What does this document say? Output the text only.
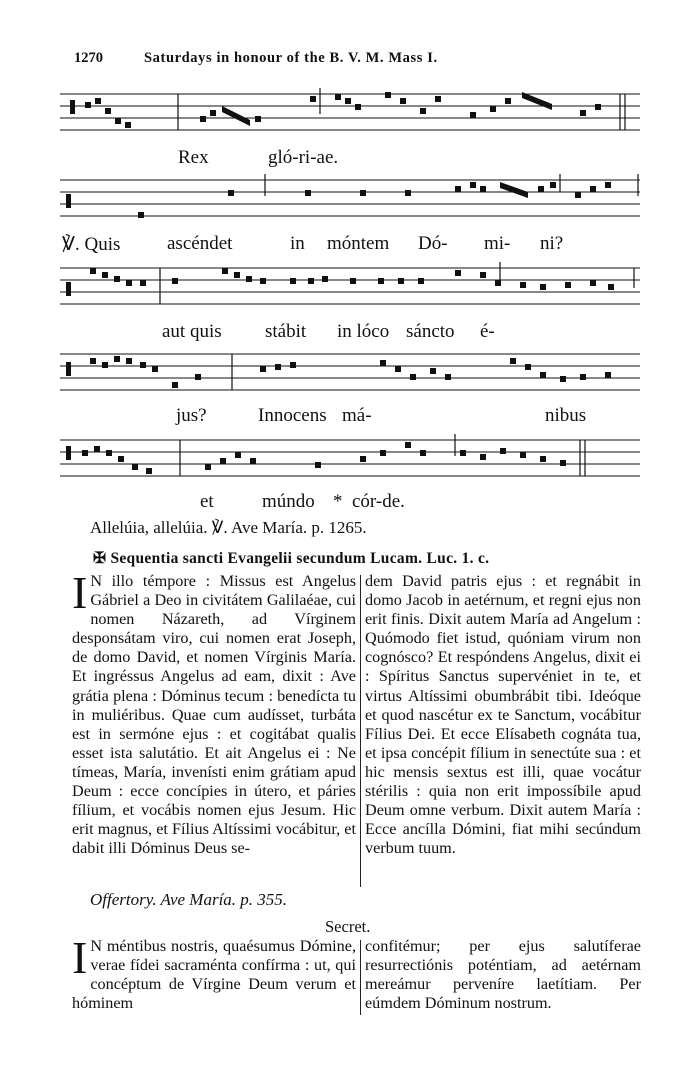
1270	Saturdays in honour of the B. V. M. Mass I.
Rex	gló-ri-ae.
℣. Quis ascéndet	in móntem Dó- mi- ni?
aut quis stábit in lóco sáncto é-
jus?	Innocens má-	nibus
et	múndo * cór-de.
Allelúia, allelúia. ℣. Ave María. p. 1265.
✠ Sequentia sancti Evangelii secundum Lucam. Luc. 1. c.
I N illo témpore : Missus est Angelus Gábriel a Deo in civitátem Galilaéae, cui nomen Názareth, ad Vírginem desponsátam viro, cui nomen erat Joseph, de domo David, et nomen Vírginis María. Et ingréssus Angelus ad eam, dixit : Ave grátia plena : Dóminus tecum : benedícta tu in muliéribus. Quae cum audísset, turbáta est in sermóne ejus : et cogitábat qualis esset ista salutátio. Et ait Angelus ei : Ne tímeas, María, invenísti enim grátiam apud Deum : ecce concípies in útero, et páries fílium, et vocábis nomen ejus Jesum. Hic erit magnus, et Fílius Altíssimi vocábitur, et dabit illi Dóminus Deus se-
dem David patris ejus : et regnábit in domo Jacob in aetérnum, et regni ejus non erit finis. Dixit autem María ad Angelum : Quómodo fiet istud, quóniam virum non cognósco? Et respóndens Angelus, dixit ei : Spíritus Sanctus supervéniet in te, et virtus Altíssimi obumbrábit tibi. Ideóque et quod nascétur ex te Sanctum, vocábitur Fílius Dei. Et ecce Elísabeth cognáta tua, et ipsa concépit fílium in senectúte sua : et hic mensis sextus est illi, quae vocátur stérilis : quia non erit impossíbile apud Deum omne verbum. Dixit autem María : Ecce ancílla Dómini, fiat mihi secúndum verbum tuum.
Offertory. Ave María. p. 355.
Secret.
I N méntibus nostris, quaésumus Dómine, verae fídei sacraménta confírma : ut, qui concéptum de Vírgine Deum verum et hóminem
confitémur; per ejus salutíferae resurrectiónis poténtiam, ad aetérnam mereámur perveníre laetítiam. Per eúmdem Dóminum nostrum.
